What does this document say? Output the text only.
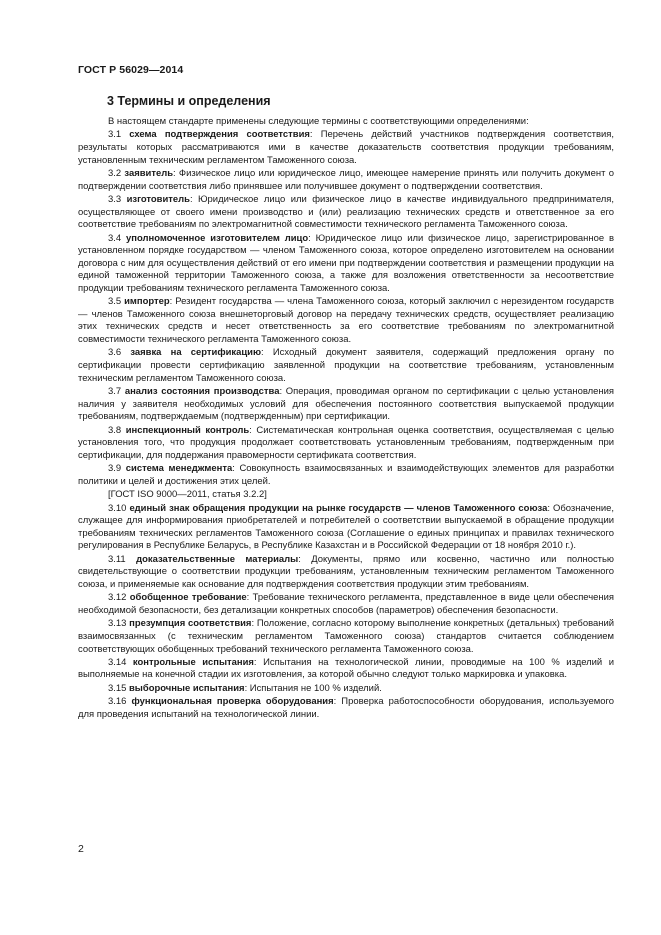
ГОСТ Р 56029—2014
3 Термины и определения

В настоящем стандарте применены следующие термины с соответствующими определениями:

3.1 схема подтверждения соответствия: Перечень действий участников подтверждения соответствия, результаты которых рассматриваются ими в качестве доказательств соответствия продукции требованиям, установленным техническим регламентом Таможенного союза.

3.2 заявитель: Физическое лицо или юридическое лицо, имеющее намерение принять или получить документ о подтверждении соответствия либо принявшее или получившее документ о подтверждении соответствия.

3.3 изготовитель: Юридическое лицо или физическое лицо в качестве индивидуального предпринимателя, осуществляющее от своего имени производство и (или) реализацию технических средств и ответственное за его соответствие требованиям по электромагнитной совместимости технического регламента Таможенного союза.

3.4 уполномоченное изготовителем лицо: Юридическое лицо или физическое лицо, зарегистрированное в установленном порядке государством — членом Таможенного союза, которое определено изготовителем на основании договора с ним для осуществления действий от его имени при подтверждении соответствия и размещении продукции на единой таможенной территории Таможенного союза, а также для возложения ответственности за несоответствие продукции требованиям технического регламента Таможенного союза.

3.5 импортер: Резидент государства — члена Таможенного союза, который заключил с нерезидентом государств — членов Таможенного союза внешнеторговый договор на передачу технических средств, осуществляет реализацию этих технических средств и несет ответственность за его соответствие требованиям по электромагнитной совместимости технического регламента Таможенного союза.

3.6 заявка на сертификацию: Исходный документ заявителя, содержащий предложения органу по сертификации провести сертификацию заявленной продукции на соответствие требованиям, установленным техническим регламентом Таможенного союза.

3.7 анализ состояния производства: Операция, проводимая органом по сертификации с целью установления наличия у заявителя необходимых условий для обеспечения постоянного соответствия выпускаемой продукции требованиям, подтверждаемым (подтвержденным) при сертификации.

3.8 инспекционный контроль: Систематическая контрольная оценка соответствия, осуществляемая с целью установления того, что продукция продолжает соответствовать установленным требованиям, подтвержденным при сертификации, для поддержания правомерности сертификата соответствия.

3.9 система менеджмента: Совокупность взаимосвязанных и взаимодействующих элементов для разработки политики и целей и достижения этих целей.

[ГОСТ ISO 9000—2011, статья 3.2.2]

3.10 единый знак обращения продукции на рынке государств — членов Таможенного союза: Обозначение, служащее для информирования приобретателей и потребителей о соответствии выпускаемой в обращение продукции требованиям технических регламентов Таможенного союза (Соглашение о единых принципах и правилах технического регулирования в Республике Беларусь, в Республике Казахстан и в Российской Федерации от 18 ноября 2010 г.).

3.11 доказательственные материалы: Документы, прямо или косвенно, частично или полностью свидетельствующие о соответствии продукции требованиям, установленным техническим регламентом Таможенного союза, и применяемые как основание для подтверждения соответствия продукции этим требованиям.

3.12 обобщенное требование: Требование технического регламента, представленное в виде цели обеспечения необходимой безопасности, без детализации конкретных способов (параметров) обеспечения безопасности.

3.13 презумпция соответствия: Положение, согласно которому выполнение конкретных (детальных) требований взаимосвязанных (с техническим регламентом Таможенного союза) стандартов считается соблюдением соответствующих обобщенных требований технического регламента Таможенного союза.

3.14 контрольные испытания: Испытания на технологической линии, проводимые на 100 % изделий и выполняемые на конечной стадии их изготовления, за которой обычно следуют только маркировка и упаковка.

3.15 выборочные испытания: Испытания не 100 % изделий.

3.16 функциональная проверка оборудования: Проверка работоспособности оборудования, используемого для проведения испытаний на технологической линии.

2
